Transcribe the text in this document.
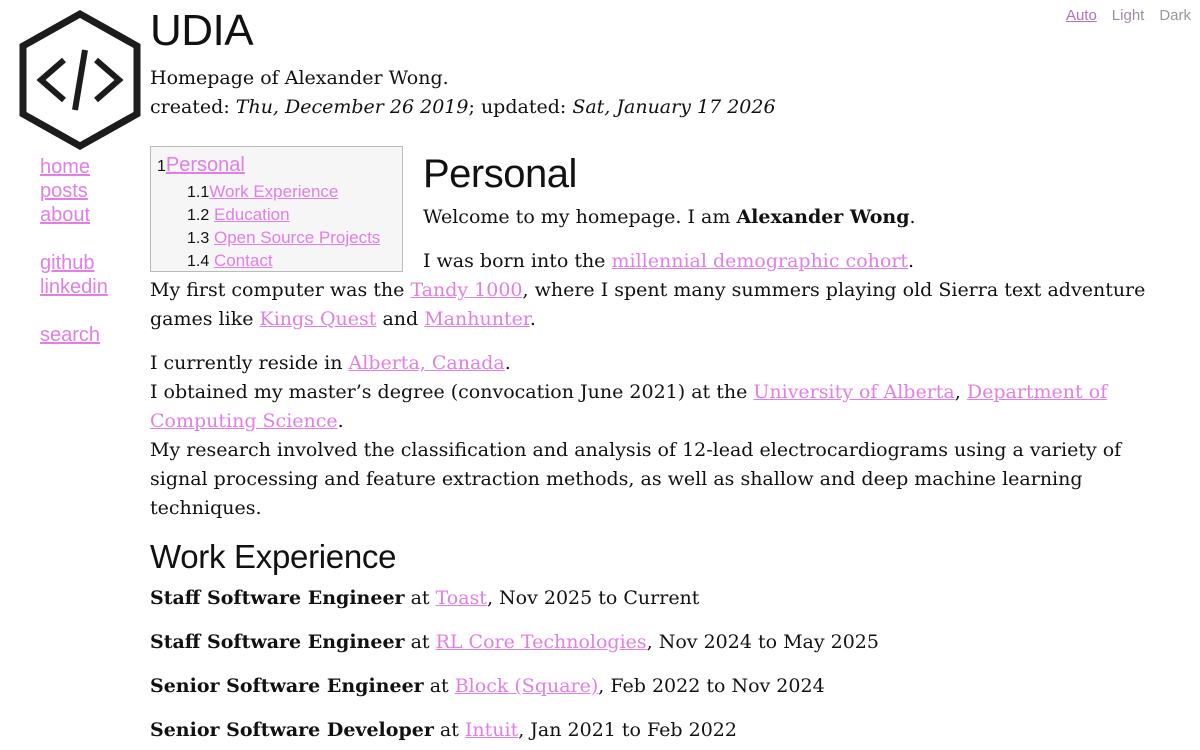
Auto Light Dark
UDIA
Homepage of Alexander Wong.
created: Thu, December 26 2019; updated: Sat, January 17 2026
home
posts
about
github
linkedin
search
1Personal
1.1Work Experience
1.2 Education
1.3 Open Source Projects
1.4 Contact
Personal

Welcome to my homepage. I am Alexander Wong.

I was born into the millennial demographic cohort.

My first computer was the Tandy 1000, where I spent many summers playing old Sierra text adventure games like Kings Quest and Manhunter.

I currently reside in Alberta, Canada.
I obtained my master’s degree (convocation June 2021) at the University of Alberta, Department of Computing Science.
My research involved the classification and analysis of 12-lead electrocardiograms using a variety of signal processing and feature extraction methods, as well as shallow and deep machine learning techniques.

Work Experience

Staff Software Engineer at Toast, Nov 2025 to Current

Staff Software Engineer at RL Core Technologies, Nov 2024 to May 2025

Senior Software Engineer at Block (Square), Feb 2022 to Nov 2024

Senior Software Developer at Intuit, Jan 2021 to Feb 2022
